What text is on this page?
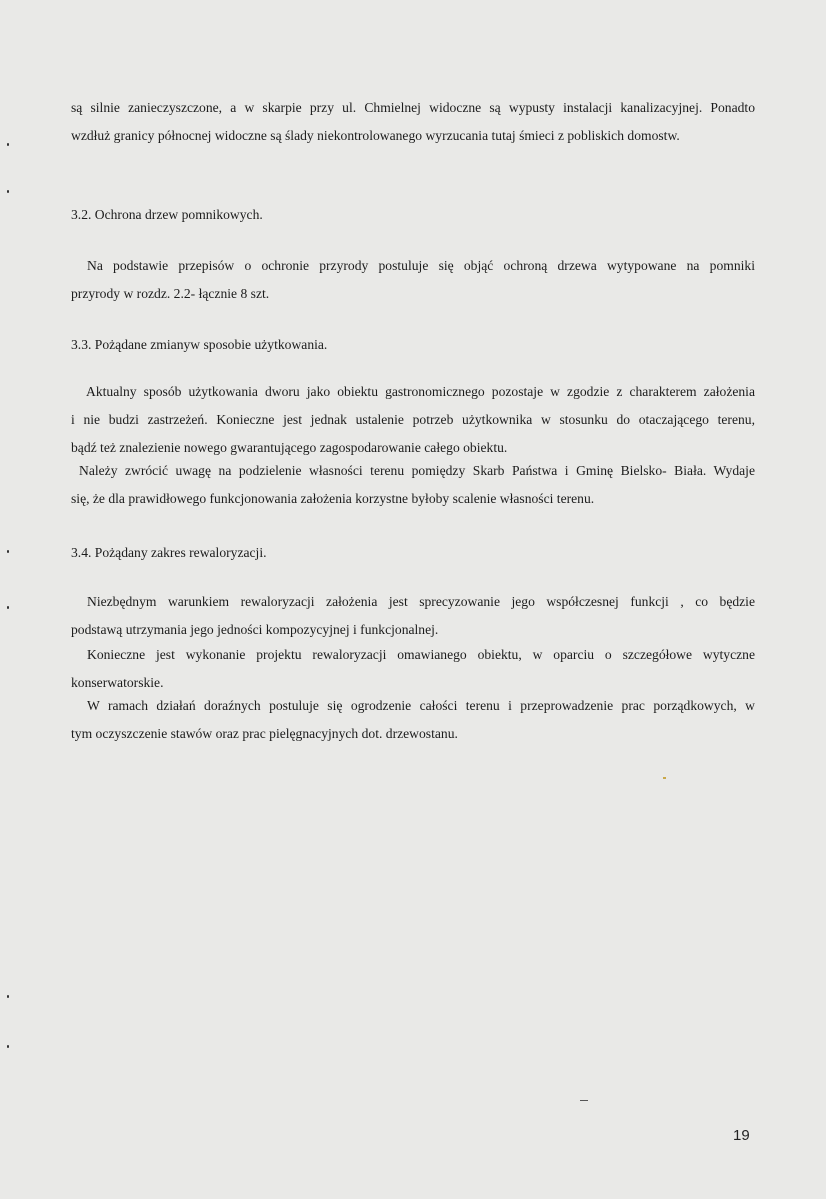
są silnie zanieczyszczone, a w skarpie przy ul. Chmielnej widoczne są wypusty instalacji kanalizacyjnej. Ponadto
wzdłuż granicy północnej widoczne są ślady niekontrolowanego wyrzucania tutaj śmieci z pobliskich domostw.
3.2. Ochrona drzew pomnikowych.
Na podstawie przepisów o ochronie przyrody postuluje się objąć ochroną drzewa wytypowane na pomniki
przyrody w rozdz. 2.2- łącznie 8 szt.
3.3. Pożądane zmianyw sposobie użytkowania.
Aktualny sposób użytkowania dworu jako obiektu gastronomicznego pozostaje w zgodzie z charakterem założenia
i nie budzi zastrzeżeń. Konieczne jest jednak ustalenie potrzeb użytkownika w stosunku do otaczającego terenu,
bądź też znalezienie nowego gwarantującego zagospodarowanie całego obiektu.
Należy zwrócić uwagę na podzielenie własności terenu pomiędzy Skarb Państwa i Gminę Bielsko- Biała. Wydaje
się, że dla prawidłowego funkcjonowania założenia korzystne byłoby scalenie własności terenu.
3.4. Pożądany zakres rewaloryzacji.
Niezbędnym warunkiem rewaloryzacji założenia jest sprecyzowanie jego współczesnej funkcji , co będzie
podstawą utrzymania jego jedności kompozycyjnej i funkcjonalnej.
Konieczne jest wykonanie projektu rewaloryzacji omawianego obiektu, w oparciu o szczegółowe wytyczne
konserwatorskie.
W ramach działań doraźnych postuluje się ogrodzenie całości terenu i przeprowadzenie prac porządkowych, w
tym oczyszczenie stawów oraz prac pielęgnacyjnych dot. drzewostanu.
19
